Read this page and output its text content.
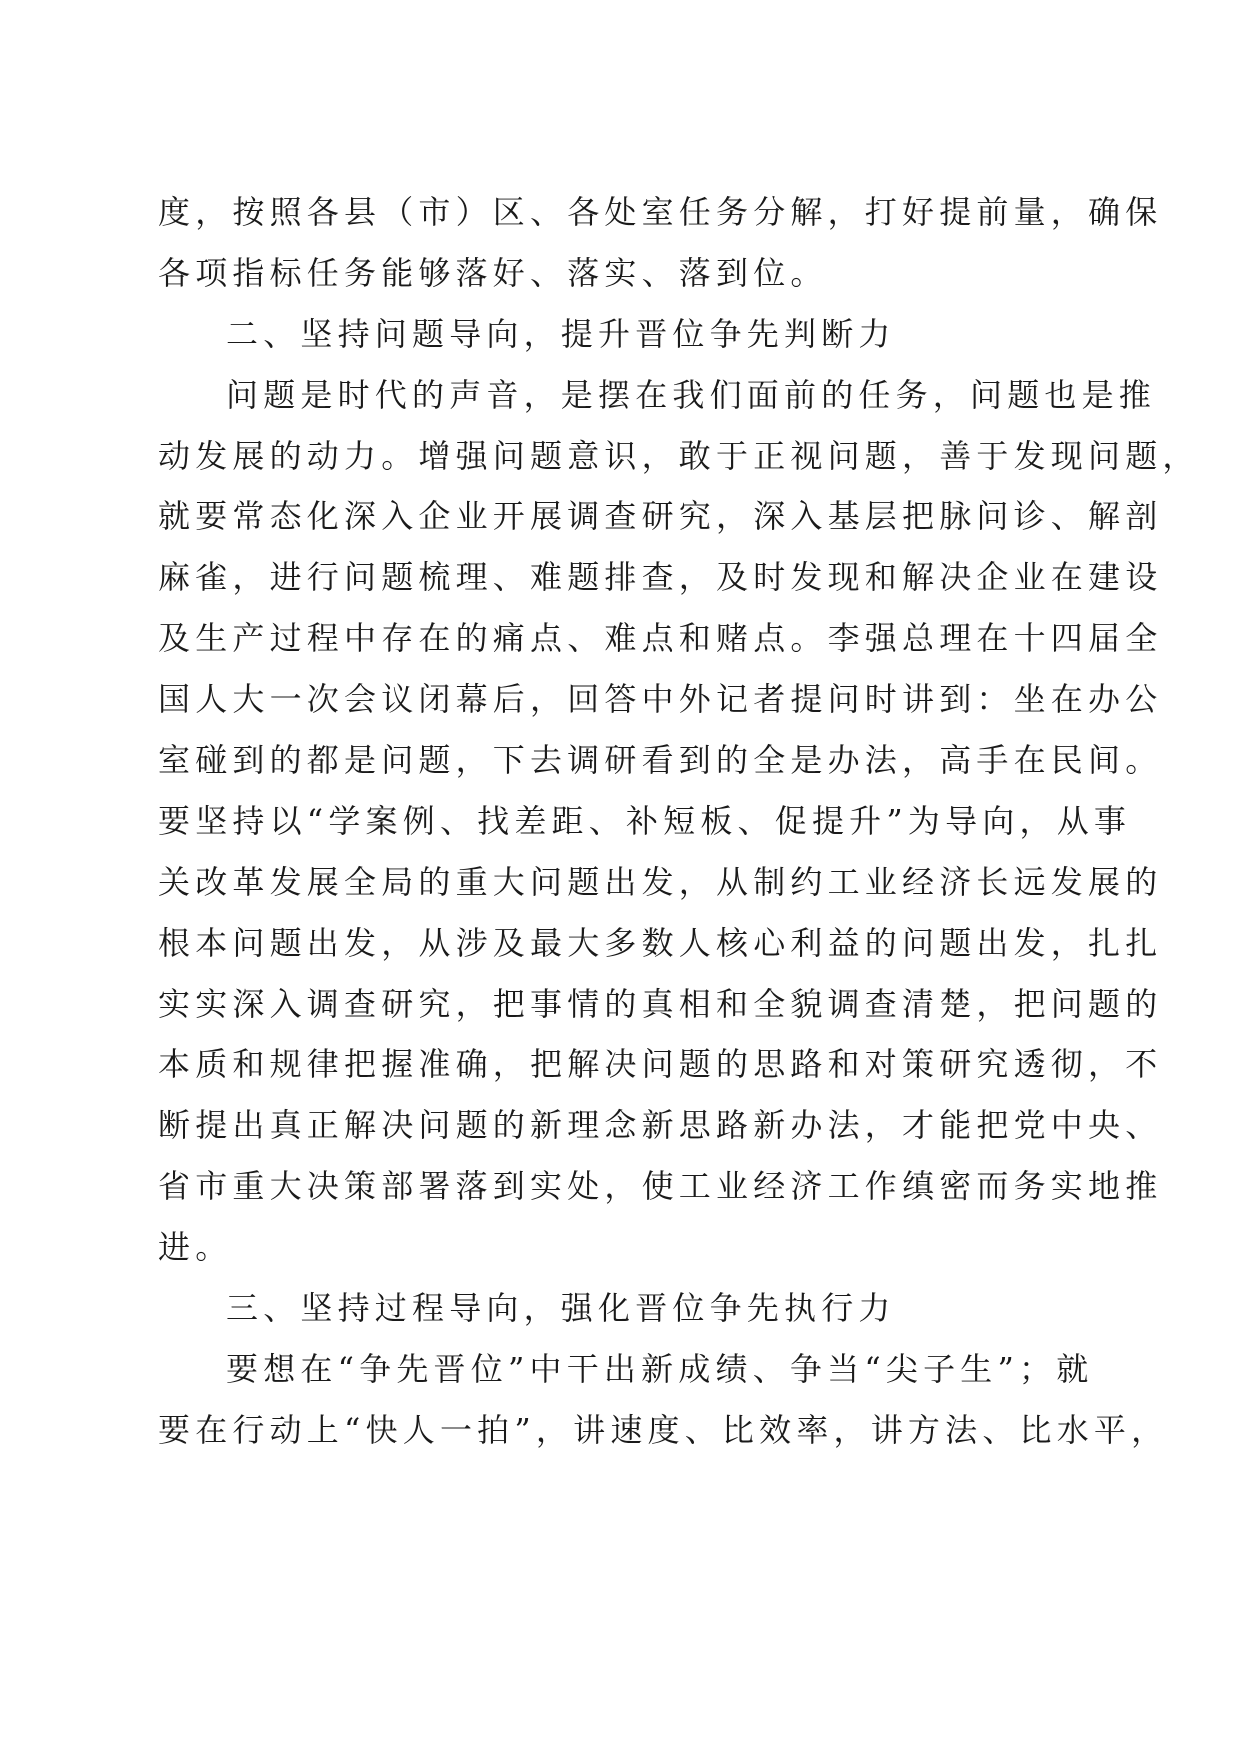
度，按照各县（市）区、各处室任务分解，打好提前量，确保
各项指标任务能够落好、落实、落到位。
二、坚持问题导向，提升晋位争先判断力
问题是时代的声音，是摆在我们面前的任务，问题也是推
动发展的动力。增强问题意识，敢于正视问题，善于发现问题，
就要常态化深入企业开展调查研究，深入基层把脉问诊、解剖
麻雀，进行问题梳理、难题排查，及时发现和解决企业在建设
及生产过程中存在的痛点、难点和赌点。李强总理在十四届全
国人大一次会议闭幕后，回答中外记者提问时讲到：坐在办公
室碰到的都是问题，下去调研看到的全是办法，高手在民间。
要坚持以“学案例、找差距、补短板、促提升”为导向，从事
关改革发展全局的重大问题出发，从制约工业经济长远发展的
根本问题出发，从涉及最大多数人核心利益的问题出发，扎扎
实实深入调查研究，把事情的真相和全貌调查清楚，把问题的
本质和规律把握准确，把解决问题的思路和对策研究透彻，不
断提出真正解决问题的新理念新思路新办法，才能把党中央、
省市重大决策部署落到实处，使工业经济工作缜密而务实地推
进。
三、坚持过程导向，强化晋位争先执行力
要想在“争先晋位”中干出新成绩、争当“尖子生”；就
要在行动上“快人一拍”，讲速度、比效率，讲方法、比水平，
